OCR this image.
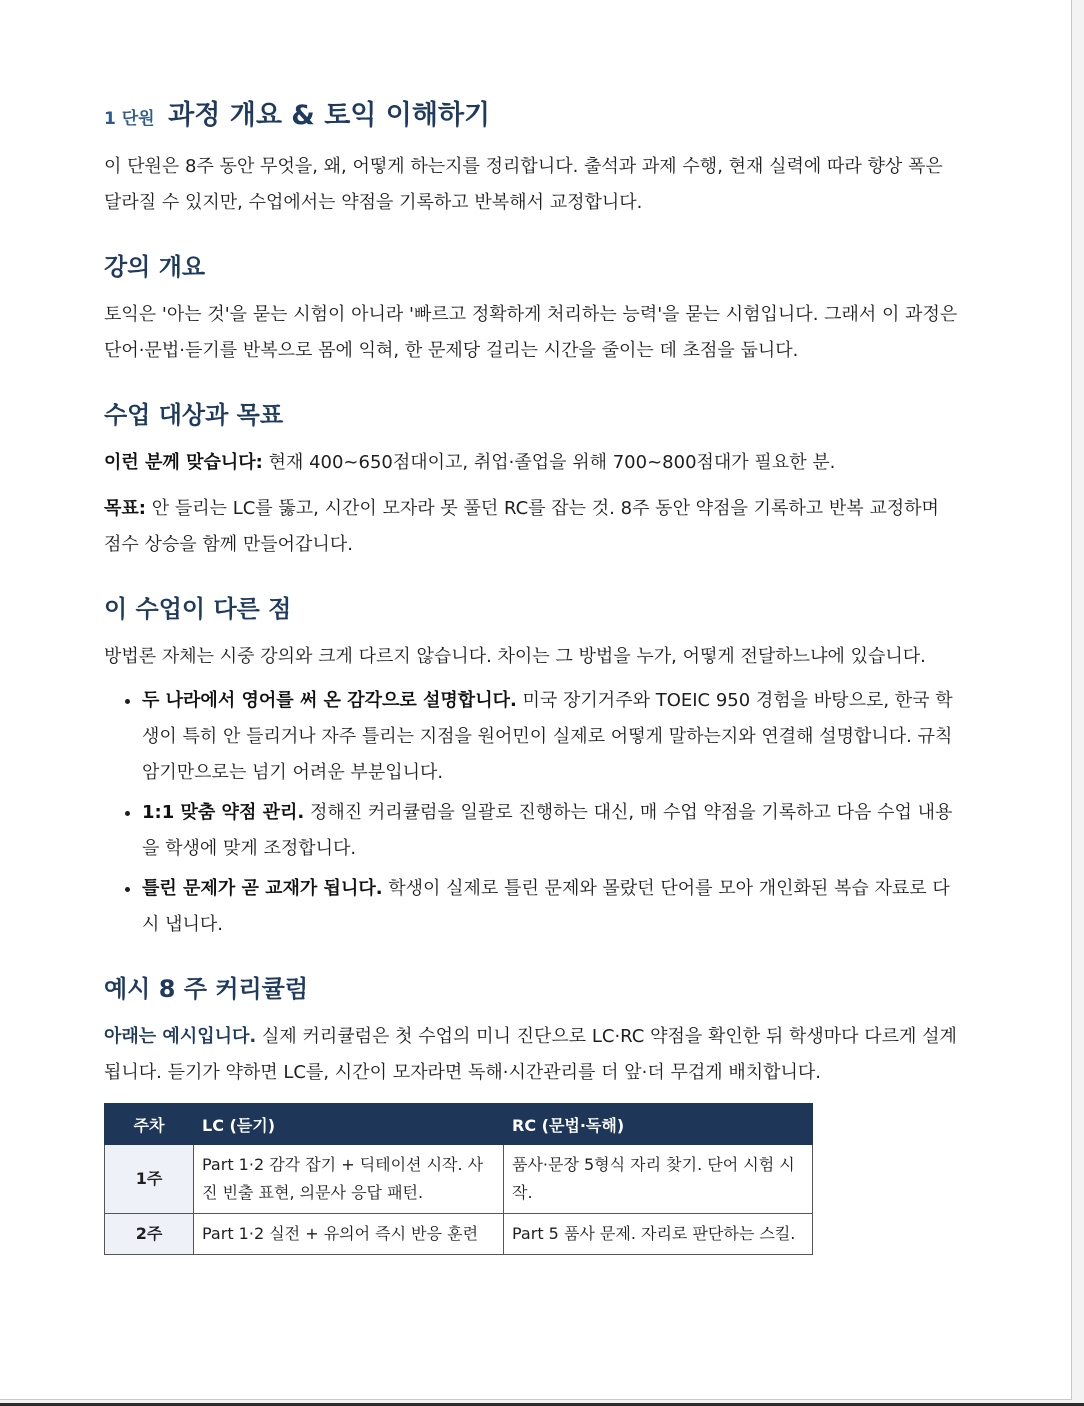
1 단원 과정 개요 & 토익 이해하기

이 단원은 8주 동안 무엇을, 왜, 어떻게 하는지를 정리합니다. 출석과 과제 수행, 현재 실력에 따라 향상 폭은 달라질 수 있지만, 수업에서는 약점을 기록하고 반복해서 교정합니다.

강의 개요

토익은 '아는 것'을 묻는 시험이 아니라 '빠르고 정확하게 처리하는 능력'을 묻는 시험입니다. 그래서 이 과정은 단어·문법·듣기를 반복으로 몸에 익혀, 한 문제당 걸리는 시간을 줄이는 데 초점을 둡니다.

수업 대상과 목표

이런 분께 맞습니다: 현재 400~650점대이고, 취업·졸업을 위해 700~800점대가 필요한 분.

목표: 안 들리는 LC를 뚫고, 시간이 모자라 못 풀던 RC를 잡는 것. 8주 동안 약점을 기록하고 반복 교정하며 점수 상승을 함께 만들어갑니다.

이 수업이 다른 점

방법론 자체는 시중 강의와 크게 다르지 않습니다. 차이는 그 방법을 누가, 어떻게 전달하느냐에 있습니다.

• 두 나라에서 영어를 써 온 감각으로 설명합니다. 미국 장기거주와 TOEIC 950 경험을 바탕으로, 한국 학생이 특히 안 들리거나 자주 틀리는 지점을 원어민이 실제로 어떻게 말하는지와 연결해 설명합니다. 규칙 암기만으로는 넘기 어려운 부분입니다.
• 1:1 맞춤 약점 관리. 정해진 커리큘럼을 일괄로 진행하는 대신, 매 수업 약점을 기록하고 다음 수업 내용을 학생에 맞게 조정합니다.
• 틀린 문제가 곧 교재가 됩니다. 학생이 실제로 틀린 문제와 몰랐던 단어를 모아 개인화된 복습 자료로 다시 냅니다.
예시 8 주 커리큘럼

아래는 예시입니다. 실제 커리큘럼은 첫 수업의 미니 진단으로 LC·RC 약점을 확인한 뒤 학생마다 다르게 설계됩니다. 듣기가 약하면 LC를, 시간이 모자라면 독해·시간관리를 더 앞·더 무겁게 배치합니다.

주차	LC (듣기)	RC (문법·독해)
1주	Part 1·2 감각 잡기 + 딕테이션 시작. 사진 빈출 표현, 의문사 응답 패턴.	품사·문장 5형식 자리 찾기. 단어 시험 시작.
2주	Part 1·2 실전 + 유의어 즉시 반응 훈련	Part 5 품사 문제. 자리로 판단하는 스킬.
